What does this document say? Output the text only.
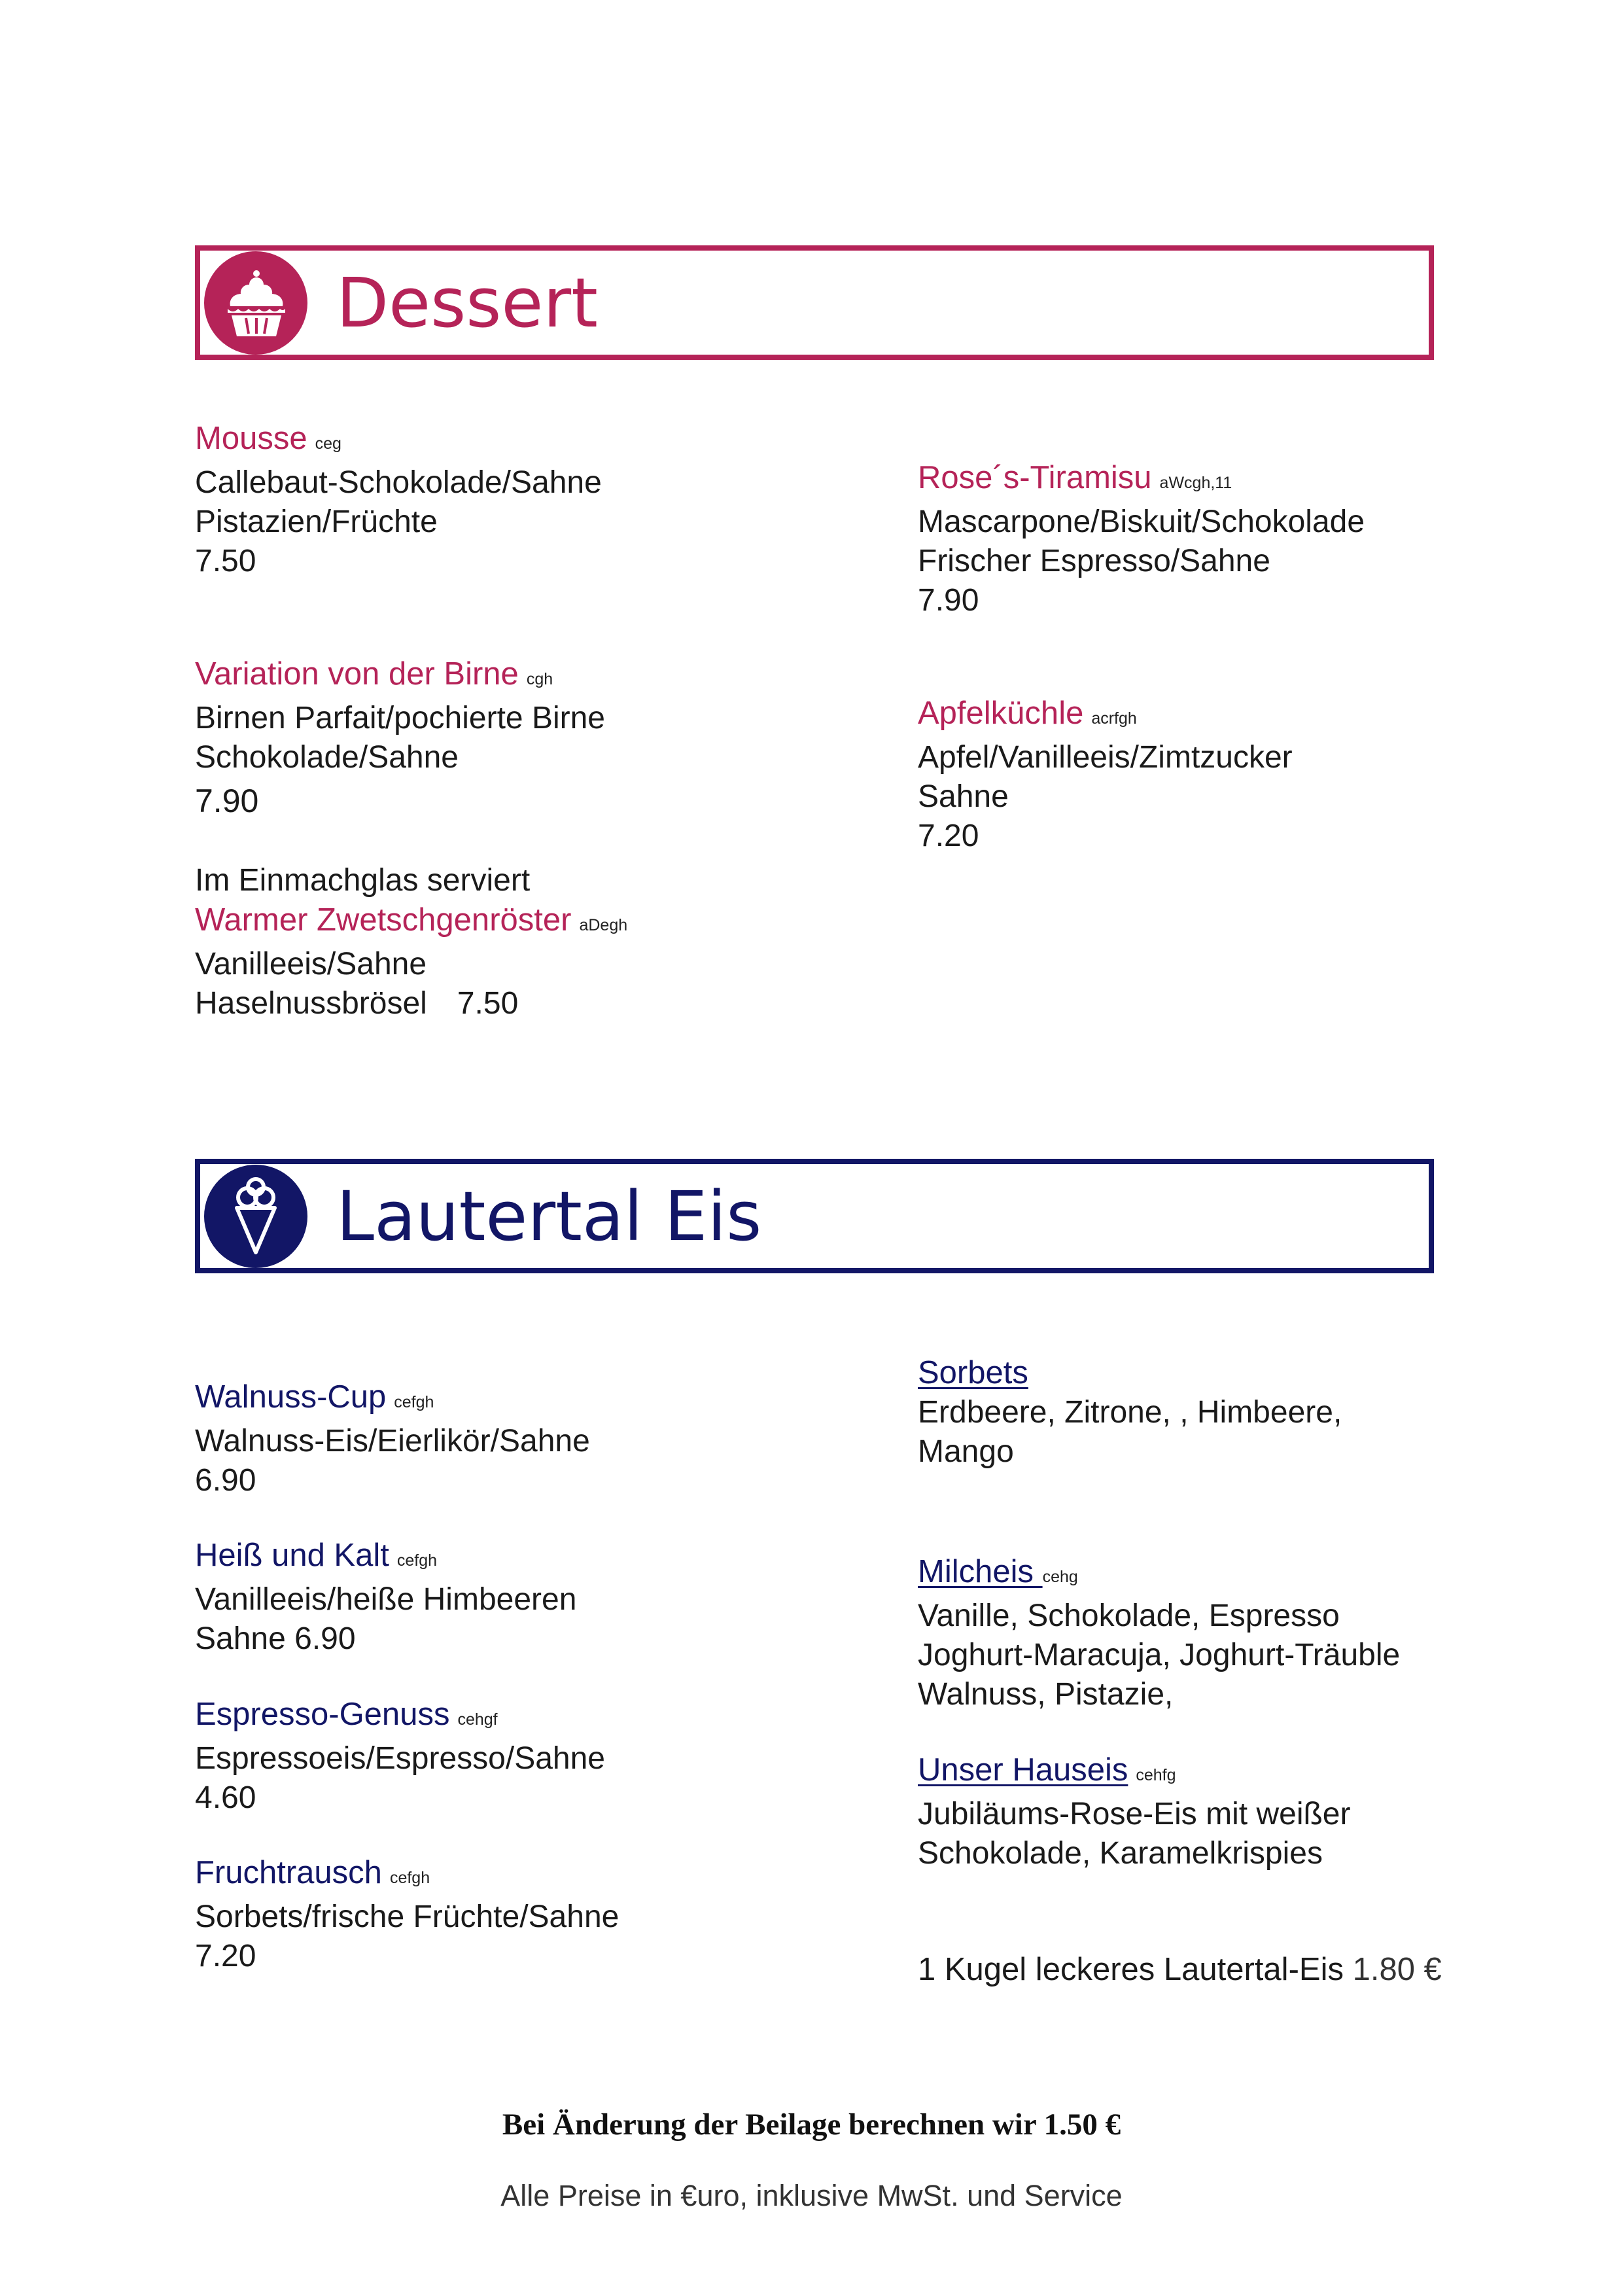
Dessert
Mousse ceg
Callebaut-Schokolade/Sahne
Pistazien/Früchte
7.50
Variation von der Birne cgh
Birnen Parfait/pochierte Birne
Schokolade/Sahne
7.90
Im Einmachglas serviert
Warmer Zwetschgenröster aDegh
Vanilleeis/Sahne
Haselnussbrösel 7.50
Rose´s-Tiramisu aWcgh,11
Mascarpone/Biskuit/Schokolade
Frischer Espresso/Sahne
7.90
Apfelküchle acrfgh
Apfel/Vanilleeis/Zimtzucker
Sahne
7.20
Lautertal Eis
Walnuss-Cup cefgh
Walnuss-Eis/Eierlikör/Sahne
6.90
Heiß und Kalt cefgh
Vanilleeis/heiße Himbeeren
Sahne 6.90
Espresso-Genuss cehgf
Espressoeis/Espresso/Sahne
4.60
Fruchtrausch cefgh
Sorbets/frische Früchte/Sahne
7.20
Sorbets
Erdbeere, Zitrone, , Himbeere,
Mango
Milcheis cehg
Vanille, Schokolade, Espresso
Joghurt-Maracuja, Joghurt-Träuble
Walnuss, Pistazie,
Unser Hauseis cehfg
Jubiläums-Rose-Eis mit weißer
Schokolade, Karamelkrispies
1 Kugel leckeres Lautertal-Eis 1.80 €
Bei Änderung der Beilage berechnen wir 1.50 €
Alle Preise in €uro, inklusive MwSt. und Service
